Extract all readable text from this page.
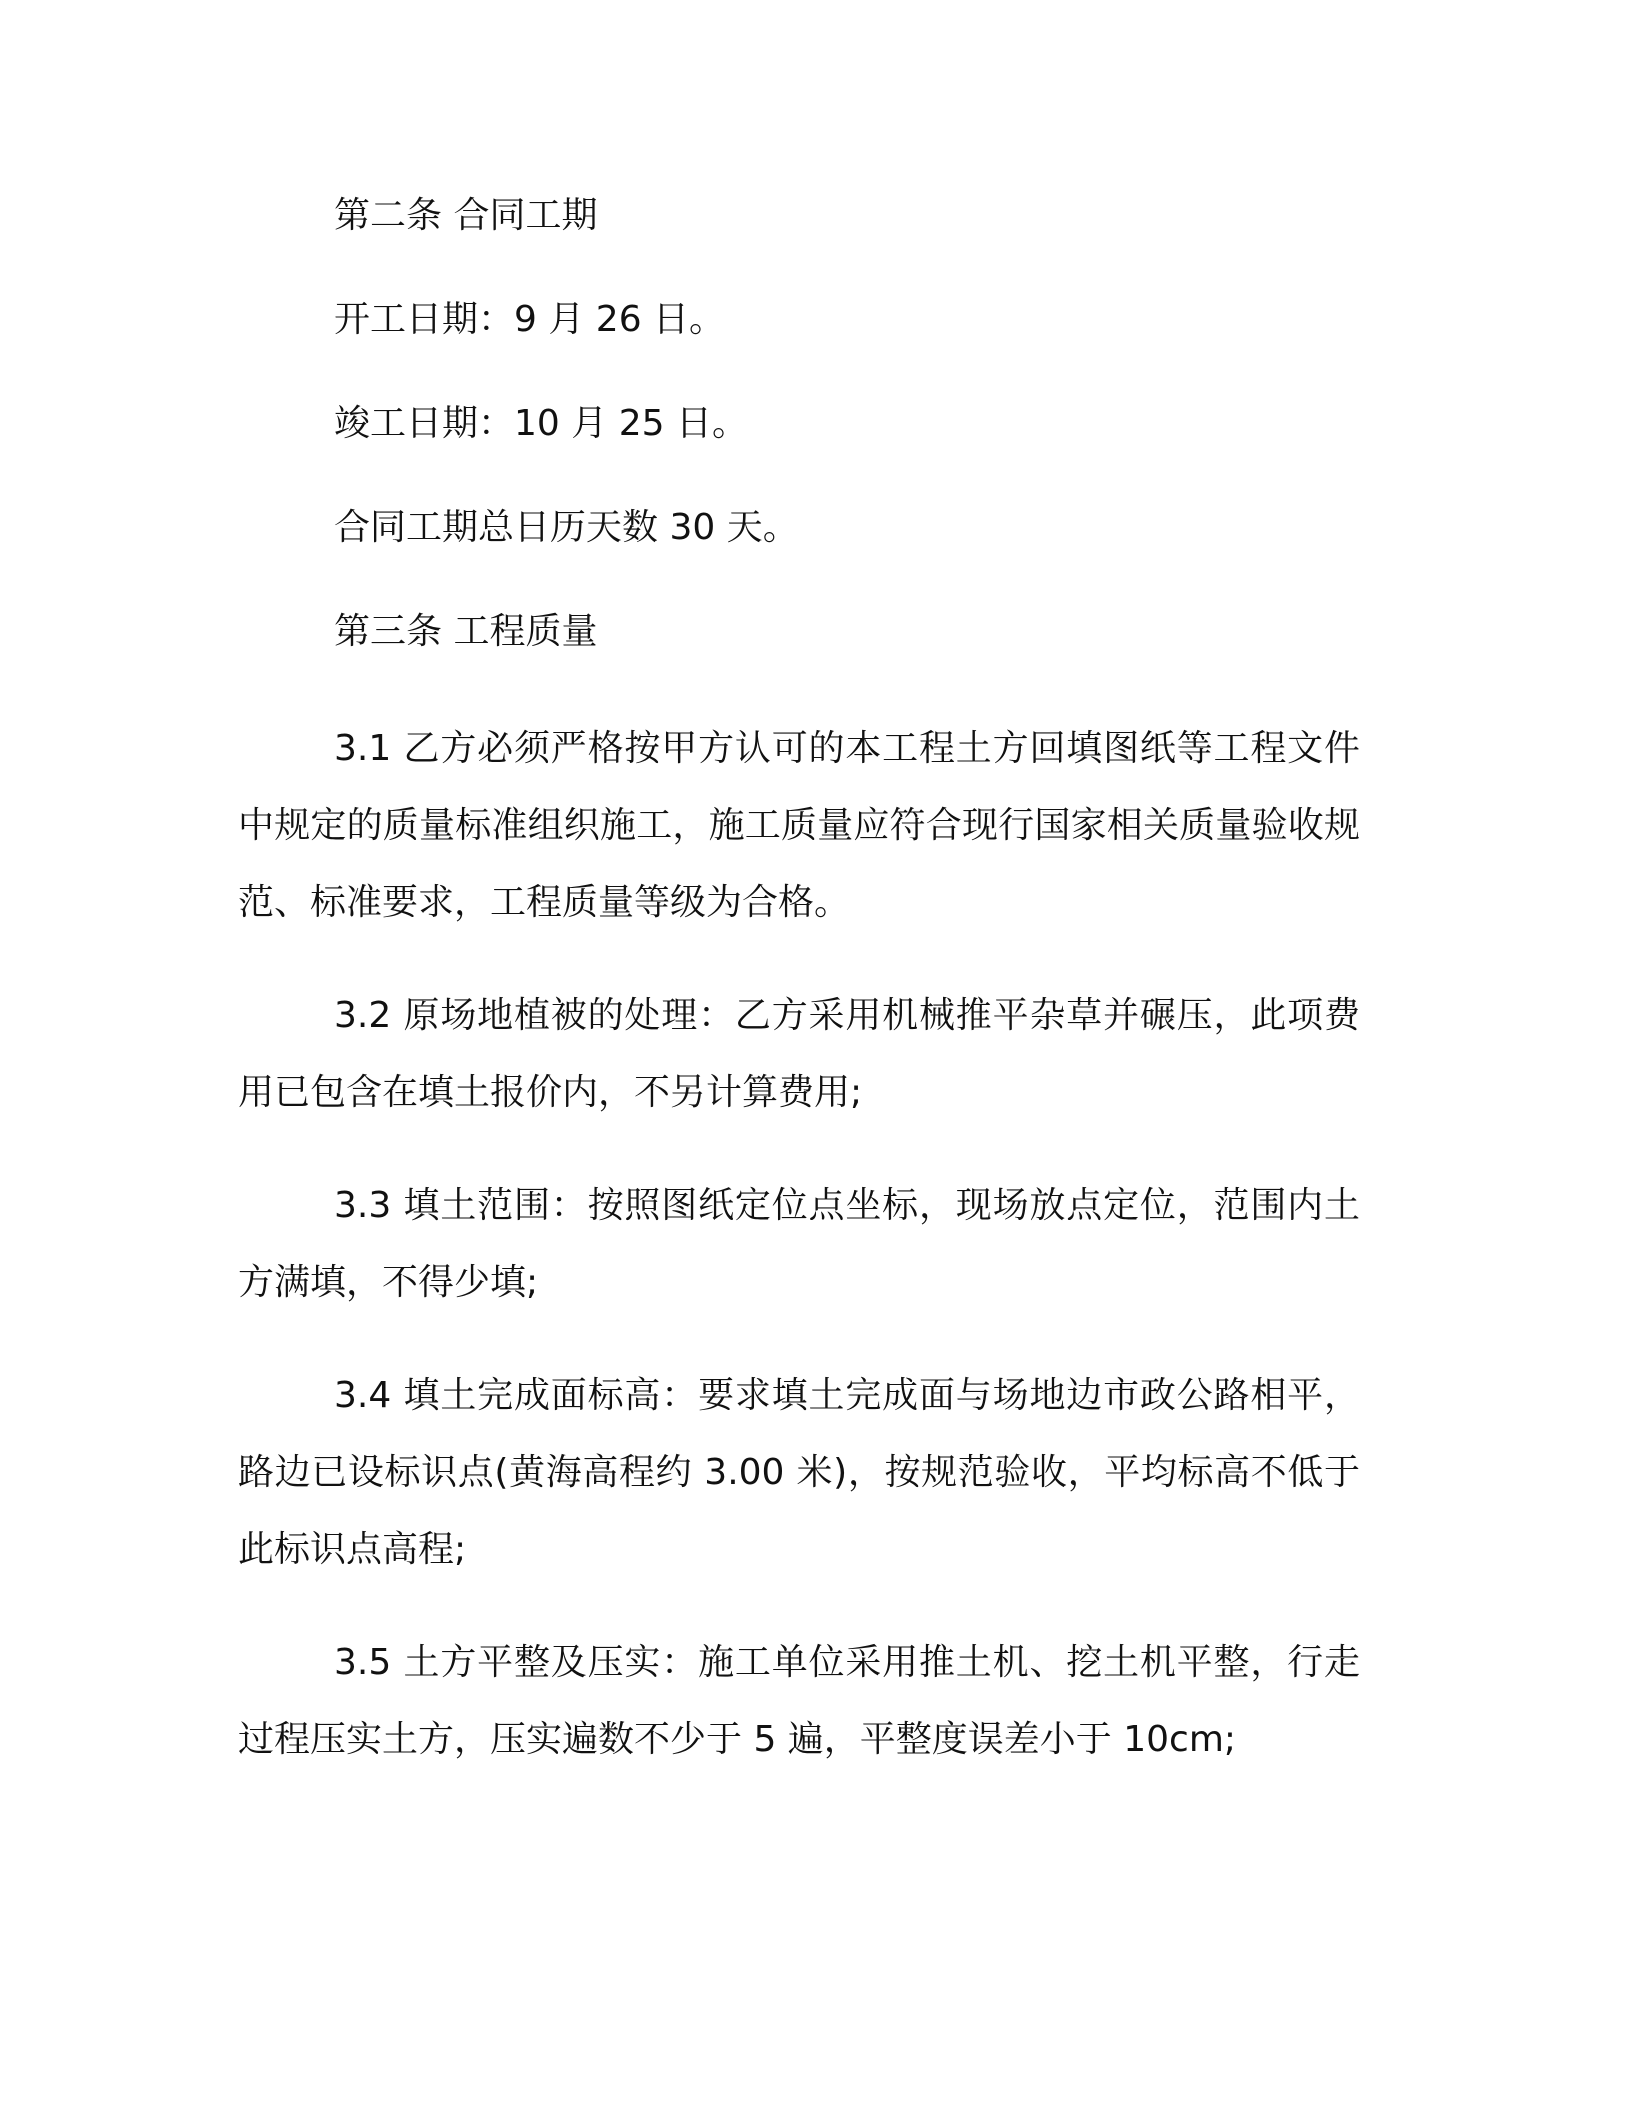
第二条 合同工期
开工日期：9 月 26 日。
竣工日期：10 月 25 日。
合同工期总日历天数 30 天。
第三条 工程质量

3.1 乙方必须严格按甲方认可的本工程土方回填图纸等工程文件中规定的质量标准组织施工，施工质量应符合现行国家相关质量验收规范、标准要求，工程质量等级为合格。

3.2 原场地植被的处理：乙方采用机械推平杂草并碾压，此项费用已包含在填土报价内，不另计算费用;

3.3 填土范围：按照图纸定位点坐标，现场放点定位，范围内土方满填，不得少填;

3.4 填土完成面标高：要求填土完成面与场地边市政公路相平，路边已设标识点(黄海高程约 3.00 米)，按规范验收，平均标高不低于此标识点高程;

3.5 土方平整及压实：施工单位采用推土机、挖土机平整，行走过程压实土方，压实遍数不少于 5 遍，平整度误差小于 10cm;
